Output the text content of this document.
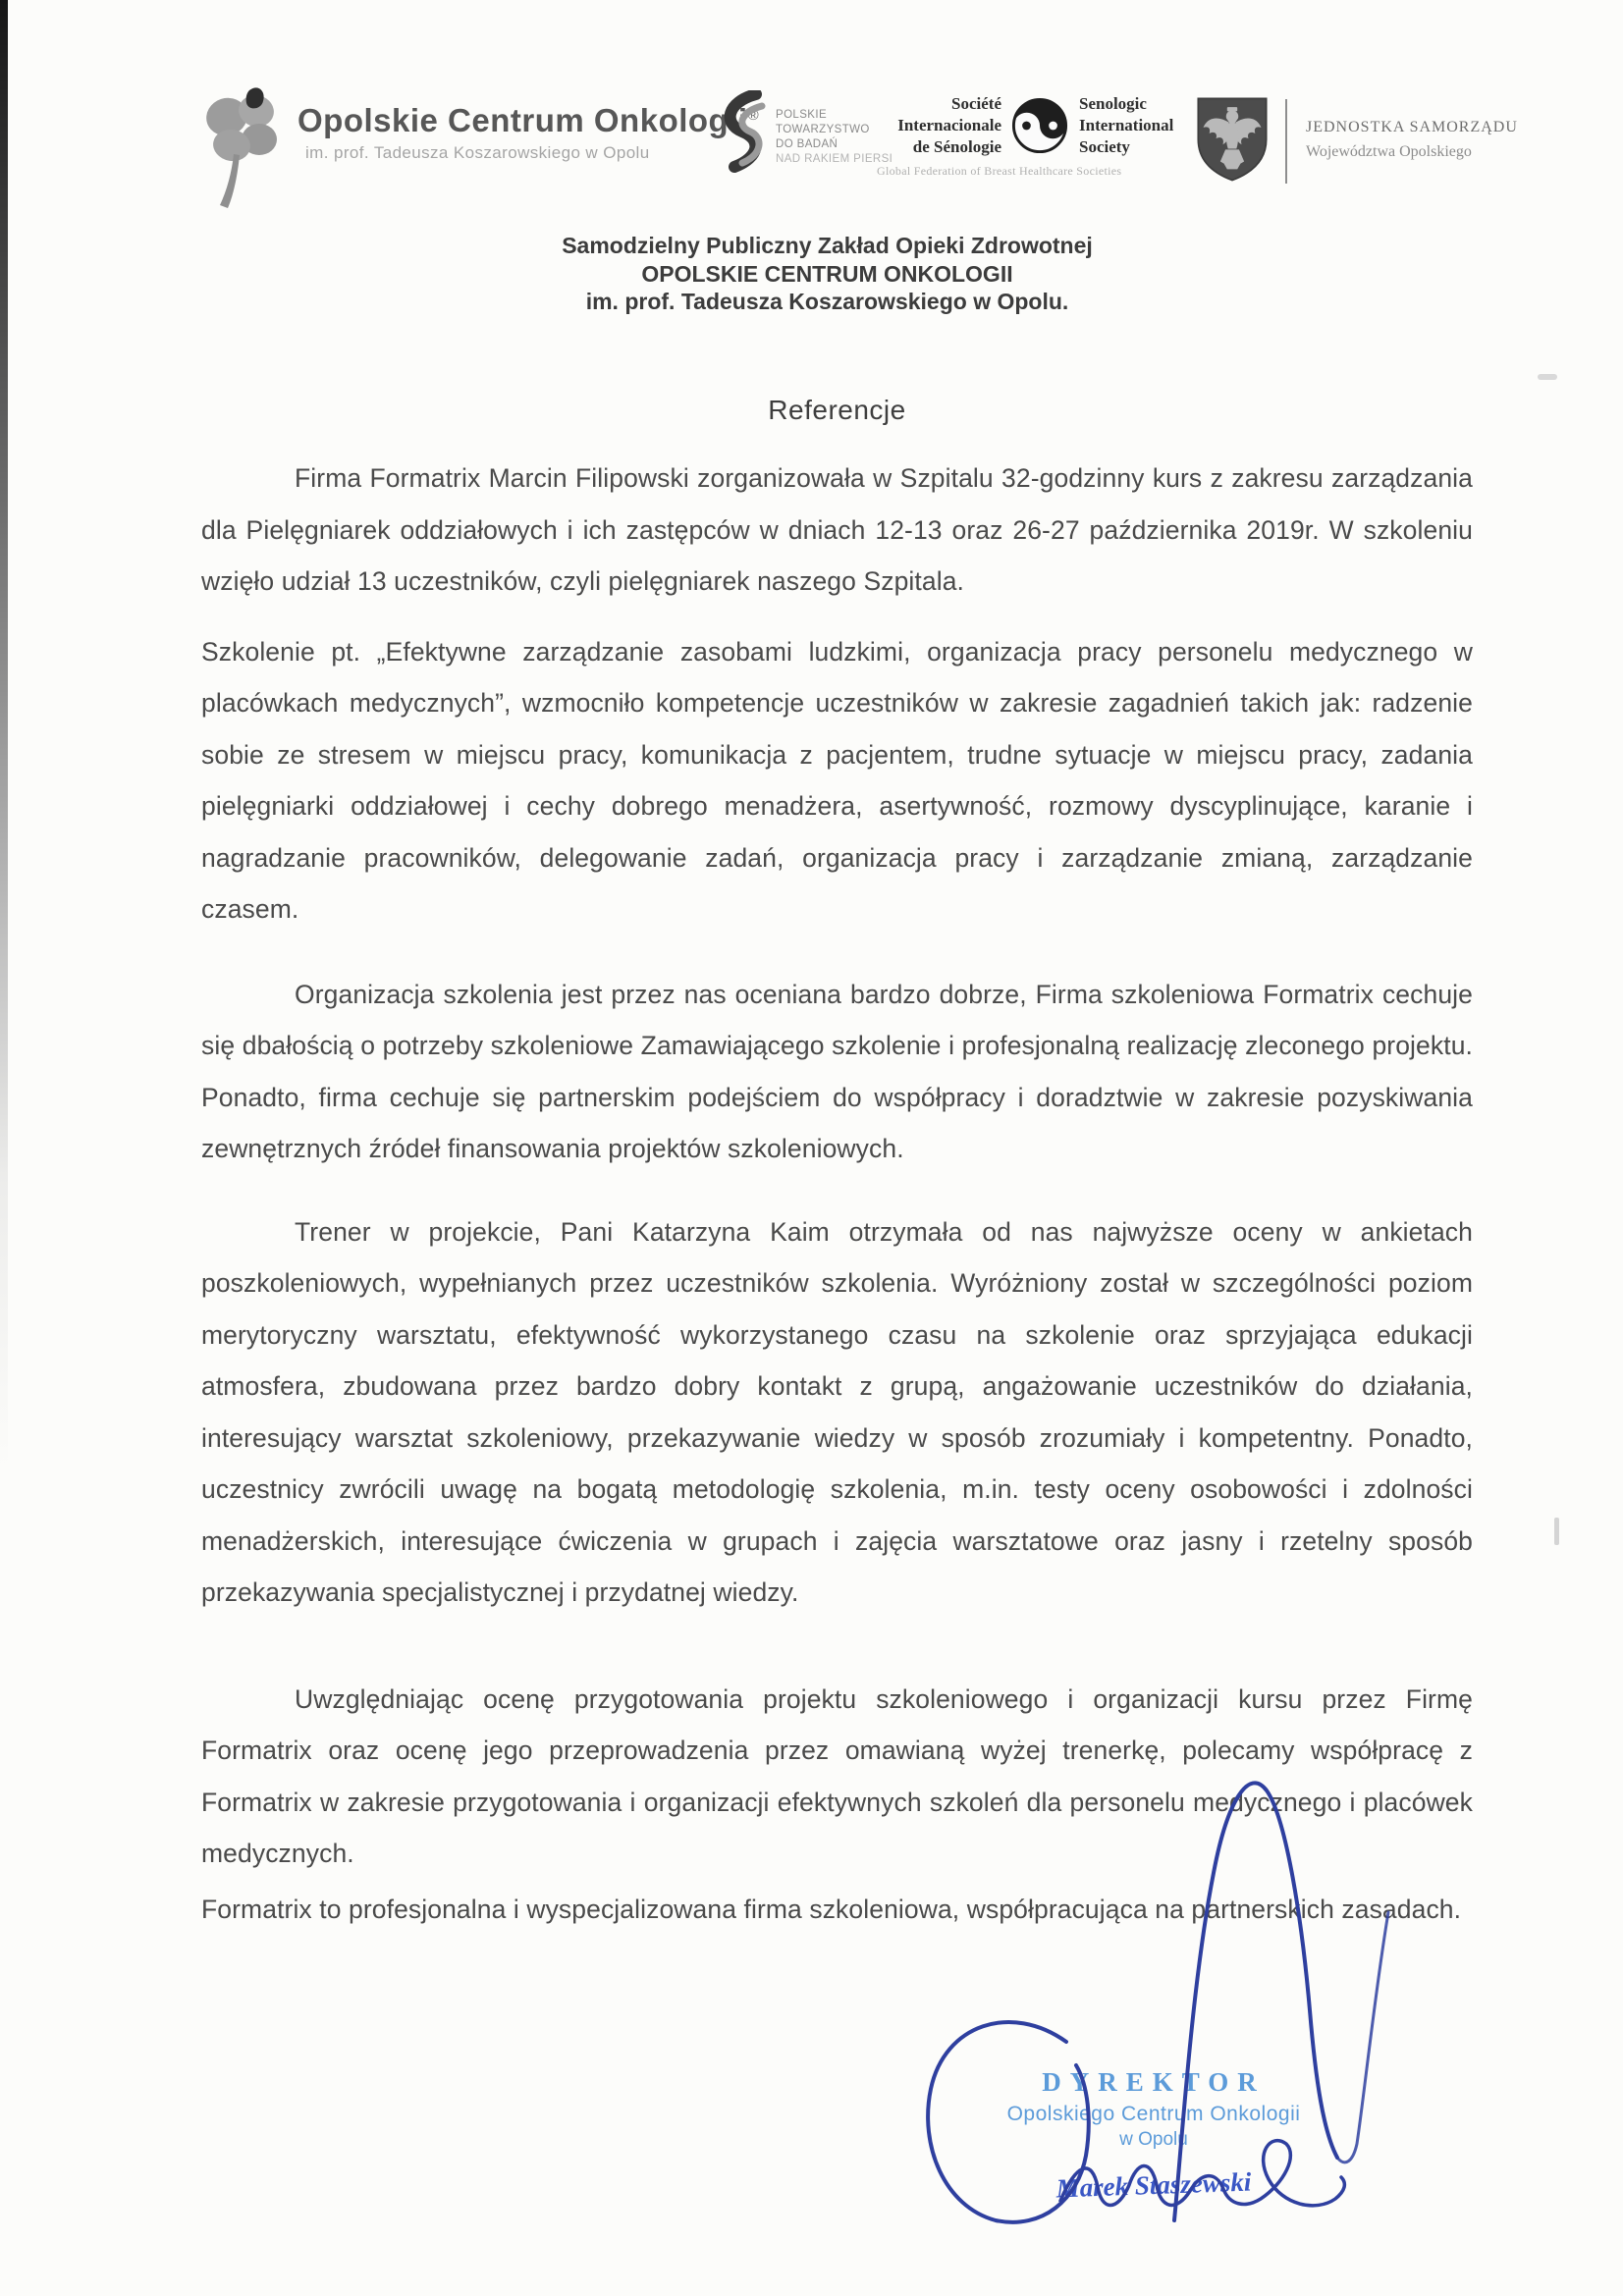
Opolskie Centrum Onkologii®
im. prof. Tadeusza Koszarowskiego w Opolu
POLSKIE
TOWARZYSTWO
DO BADAŃ
NAD RAKIEM PIERSI
Société
Internacionale
de Sénologie
Senologic
International
Society
Global Federation of Breast Healthcare Societies
JEDNOSTKA SAMORZĄDU
Województwa Opolskiego
Samodzielny Publiczny Zakład Opieki Zdrowotnej
OPOLSKIE CENTRUM ONKOLOGII
im. prof. Tadeusza Koszarowskiego w Opolu.
Referencje

Firma Formatrix Marcin Filipowski zorganizowała w Szpitalu 32-godzinny kurs z zakresu zarządzania dla Pielęgniarek oddziałowych i ich zastępców w dniach 12-13 oraz 26-27 października 2019r. W szkoleniu wzięło udział 13 uczestników, czyli pielęgniarek naszego Szpitala.

Szkolenie pt. „Efektywne zarządzanie zasobami ludzkimi, organizacja pracy personelu medycznego w placówkach medycznych”, wzmocniło kompetencje uczestników w zakresie zagadnień takich jak: radzenie sobie ze stresem w miejscu pracy, komunikacja z pacjentem, trudne sytuacje w miejscu pracy, zadania pielęgniarki oddziałowej i cechy dobrego menadżera, asertywność, rozmowy dyscyplinujące, karanie i nagradzanie pracowników, delegowanie zadań, organizacja pracy i zarządzanie zmianą, zarządzanie czasem.

Organizacja szkolenia jest przez nas oceniana bardzo dobrze, Firma szkoleniowa Formatrix cechuje się dbałością o potrzeby szkoleniowe Zamawiającego szkolenie i profesjonalną realizację zleconego projektu. Ponadto, firma cechuje się partnerskim podejściem do współpracy i doradztwie w zakresie pozyskiwania zewnętrznych źródeł finansowania projektów szkoleniowych.

Trener w projekcie, Pani Katarzyna Kaim otrzymała od nas najwyższe oceny w ankietach poszkoleniowych, wypełnianych przez uczestników szkolenia. Wyróżniony został w szczególności poziom merytoryczny warsztatu, efektywność wykorzystanego czasu na szkolenie oraz sprzyjająca edukacji atmosfera, zbudowana przez bardzo dobry kontakt z grupą, angażowanie uczestników do działania, interesujący warsztat szkoleniowy, przekazywanie wiedzy w sposób zrozumiały i kompetentny. Ponadto, uczestnicy zwrócili uwagę na bogatą metodologię szkolenia, m.in. testy oceny osobowości i zdolności menadżerskich, interesujące ćwiczenia w grupach i zajęcia warsztatowe oraz jasny i rzetelny sposób przekazywania specjalistycznej i przydatnej wiedzy.

Uwzględniając ocenę przygotowania projektu szkoleniowego i organizacji kursu przez Firmę Formatrix oraz ocenę jego przeprowadzenia przez omawianą wyżej trenerkę, polecamy współpracę z Formatrix w zakresie przygotowania i organizacji efektywnych szkoleń dla personelu medycznego i placówek medycznych.

Formatrix to profesjonalna i wyspecjalizowana firma szkoleniowa, współpracująca na partnerskich zasadach.

DYREKTOR
Opolskiego Centrum Onkologii
w Opolu
Marek Staszewski
